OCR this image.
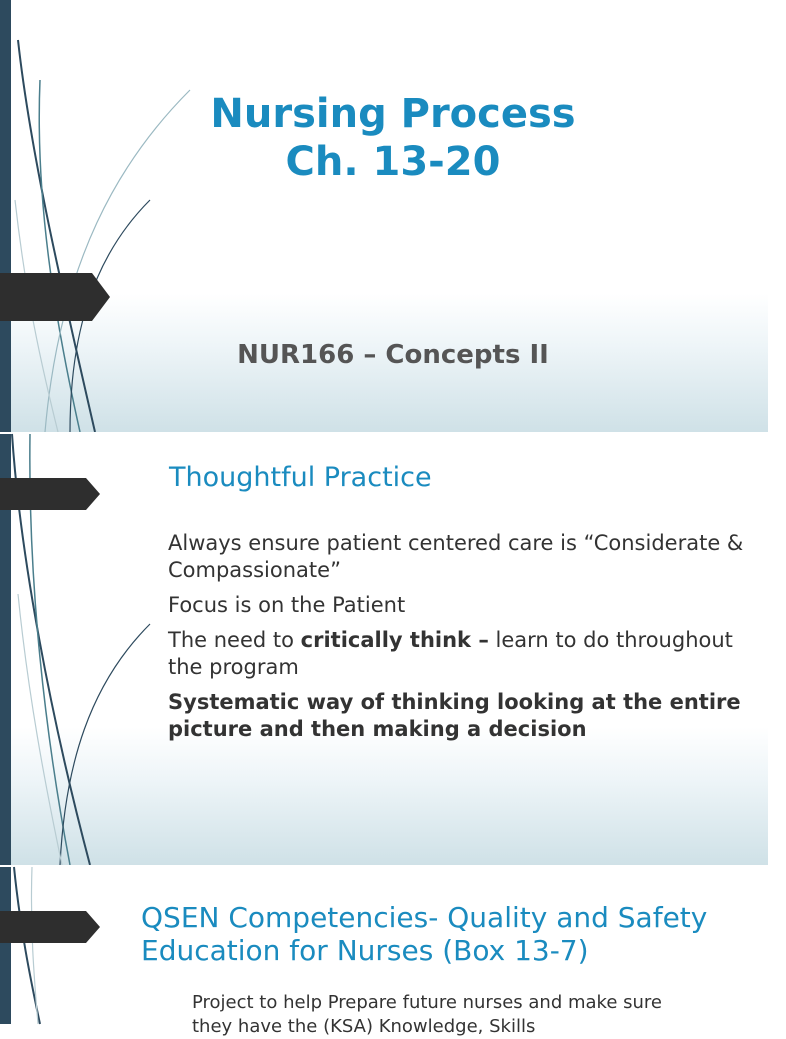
Nursing Process
Ch. 13-20
NUR166 – Concepts II
Thoughtful Practice
Always ensure patient centered care is “Considerate & Compassionate”
Focus is on the Patient
The need to critically think – learn to do throughout the program
Systematic way of thinking looking at the entire picture and then making a decision
QSEN Competencies- Quality and Safety Education for Nurses (Box 13-7)
Project to help Prepare future nurses and make sure they have the (KSA) Knowledge, Skills
